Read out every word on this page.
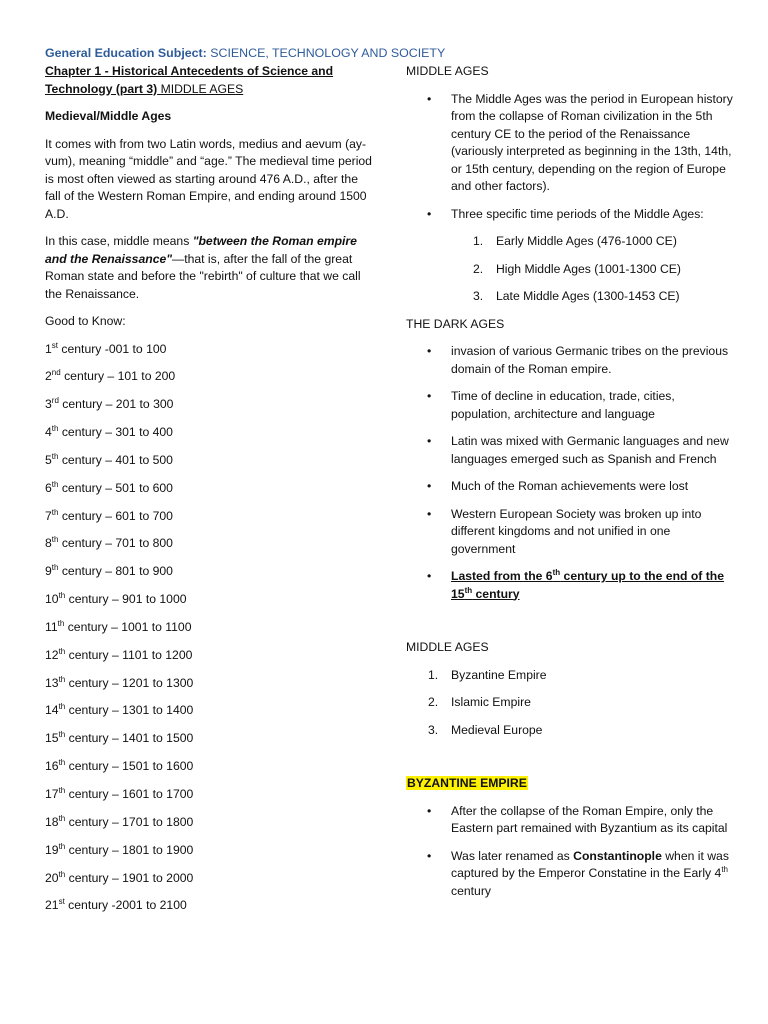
General Education Subject: SCIENCE, TECHNOLOGY AND SOCIETY
Chapter 1 - Historical Antecedents of Science and Technology (part 3) MIDDLE AGES
Medieval/Middle Ages

It comes with from two Latin words, medius and aevum (ay-vum), meaning “middle” and “age.” The medieval time period is most often viewed as starting around 476 A.D., after the fall of the Western Roman Empire, and ending around 1500 A.D.

In this case, middle means "between the Roman empire and the Renaissance"—that is, after the fall of the great Roman state and before the "rebirth" of culture that we call the Renaissance.

Good to Know:

1st century -001 to 100
2nd century – 101 to 200
3rd century – 201 to 300
4th century – 301 to 400
5th century – 401 to 500
6th century – 501 to 600
7th century – 601 to 700
8th century – 701 to 800
9th century – 801 to 900
10th century – 901 to 1000
11th century – 1001 to 1100
12th century – 1101 to 1200
13th century – 1201 to 1300
14th century – 1301 to 1400
15th century – 1401 to 1500
16th century – 1501 to 1600
17th century – 1601 to 1700
18th century – 1701 to 1800
19th century – 1801 to 1900
20th century – 1901 to 2000
21st century -2001 to 2100
MIDDLE AGES
• The Middle Ages was the period in European history from the collapse of Roman civilization in the 5th century CE to the period of the Renaissance (variously interpreted as beginning in the 13th, 14th, or 15th century, depending on the region of Europe and other factors).
• Three specific time periods of the Middle Ages:
1. Early Middle Ages (476-1000 CE)
2. High Middle Ages (1001-1300 CE)
3. Late Middle Ages (1300-1453 CE)
THE DARK AGES
• invasion of various Germanic tribes on the previous domain of the Roman empire.
• Time of decline in education, trade, cities, population, architecture and language
• Latin was mixed with Germanic languages and new languages emerged such as Spanish and French
• Much of the Roman achievements were lost
• Western European Society was broken up into different kingdoms and not unified in one government
• Lasted from the 6th century up to the end of the 15th century
MIDDLE AGES
1. Byzantine Empire
2. Islamic Empire
3. Medieval Europe
BYZANTINE EMPIRE
• After the collapse of the Roman Empire, only the Eastern part remained with Byzantium as its capital
• Was later renamed as Constantinople when it was captured by the Emperor Constatine in the Early 4th century
